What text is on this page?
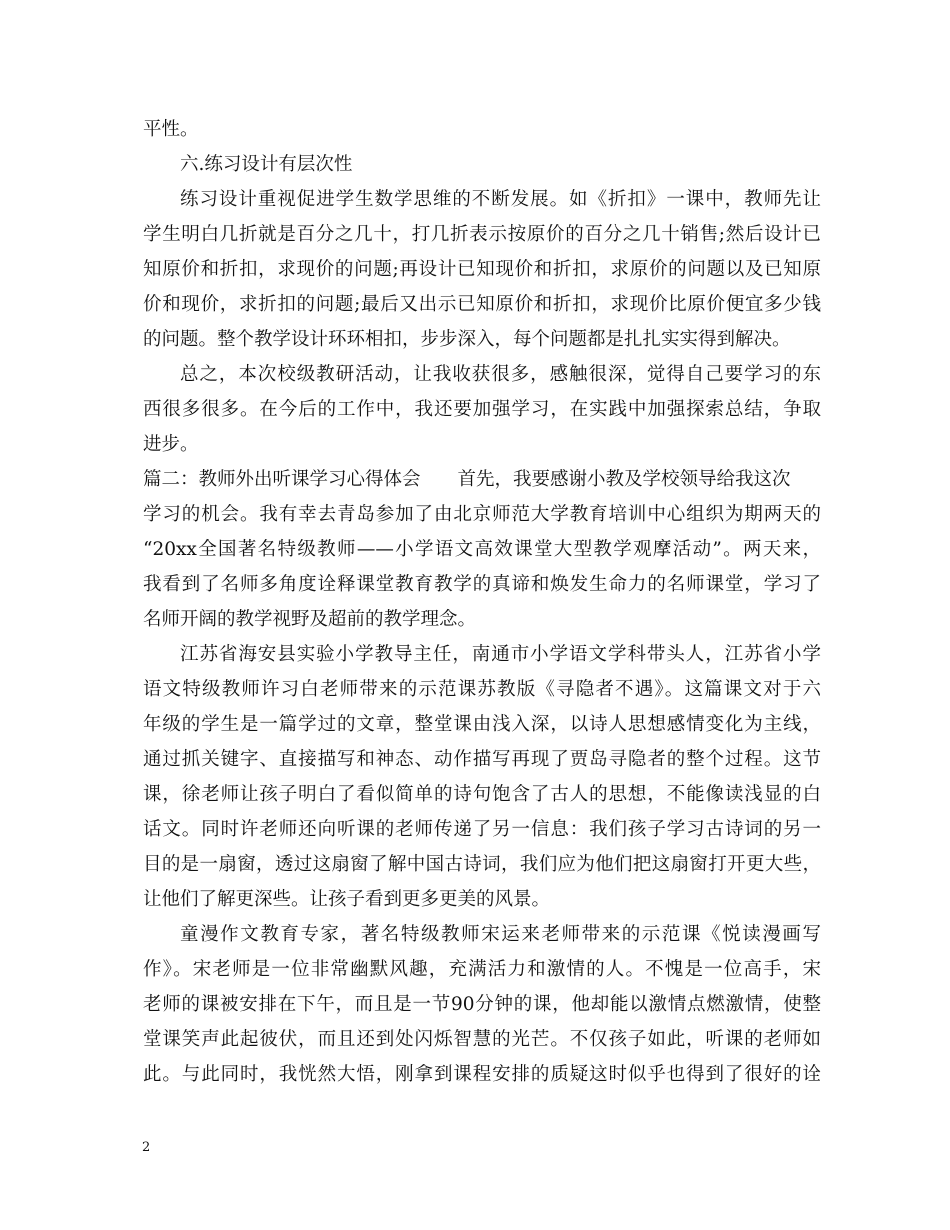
平性。
六.练习设计有层次性
练习设计重视促进学生数学思维的不断发展。如《折扣》一课中，教师先让
学生明白几折就是百分之几十，打几折表示按原价的百分之几十销售;然后设计已
知原价和折扣，求现价的问题;再设计已知现价和折扣，求原价的问题以及已知原
价和现价，求折扣的问题;最后又出示已知原价和折扣，求现价比原价便宜多少钱
的问题。整个教学设计环环相扣，步步深入，每个问题都是扎扎实实得到解决。
总之，本次校级教研活动，让我收获很多，感触很深，觉得自己要学习的东
西很多很多。在今后的工作中，我还要加强学习，在实践中加强探索总结，争取
进步。
篇二：教师外出听课学习心得体会　　首先，我要感谢小教及学校领导给我这次
学习的机会。我有幸去青岛参加了由北京师范大学教育培训中心组织为期两天的
“20xx全国著名特级教师——小学语文高效课堂大型教学观摩活动”。两天来，
我看到了名师多角度诠释课堂教育教学的真谛和焕发生命力的名师课堂，学习了
名师开阔的教学视野及超前的教学理念。
江苏省海安县实验小学教导主任，南通市小学语文学科带头人，江苏省小学
语文特级教师许习白老师带来的示范课苏教版《寻隐者不遇》。这篇课文对于六
年级的学生是一篇学过的文章，整堂课由浅入深，以诗人思想感情变化为主线，
通过抓关键字、直接描写和神态、动作描写再现了贾岛寻隐者的整个过程。这节
课，徐老师让孩子明白了看似简单的诗句饱含了古人的思想，不能像读浅显的白
话文。同时许老师还向听课的老师传递了另一信息：我们孩子学习古诗词的另一
目的是一扇窗，透过这扇窗了解中国古诗词，我们应为他们把这扇窗打开更大些，
让他们了解更深些。让孩子看到更多更美的风景。
童漫作文教育专家，著名特级教师宋运来老师带来的示范课《悦读漫画写
作》。宋老师是一位非常幽默风趣，充满活力和激情的人。不愧是一位高手，宋
老师的课被安排在下午，而且是一节90分钟的课，他却能以激情点燃激情，使整
堂课笑声此起彼伏，而且还到处闪烁智慧的光芒。不仅孩子如此，听课的老师如
此。与此同时，我恍然大悟，刚拿到课程安排的质疑这时似乎也得到了很好的诠
2
